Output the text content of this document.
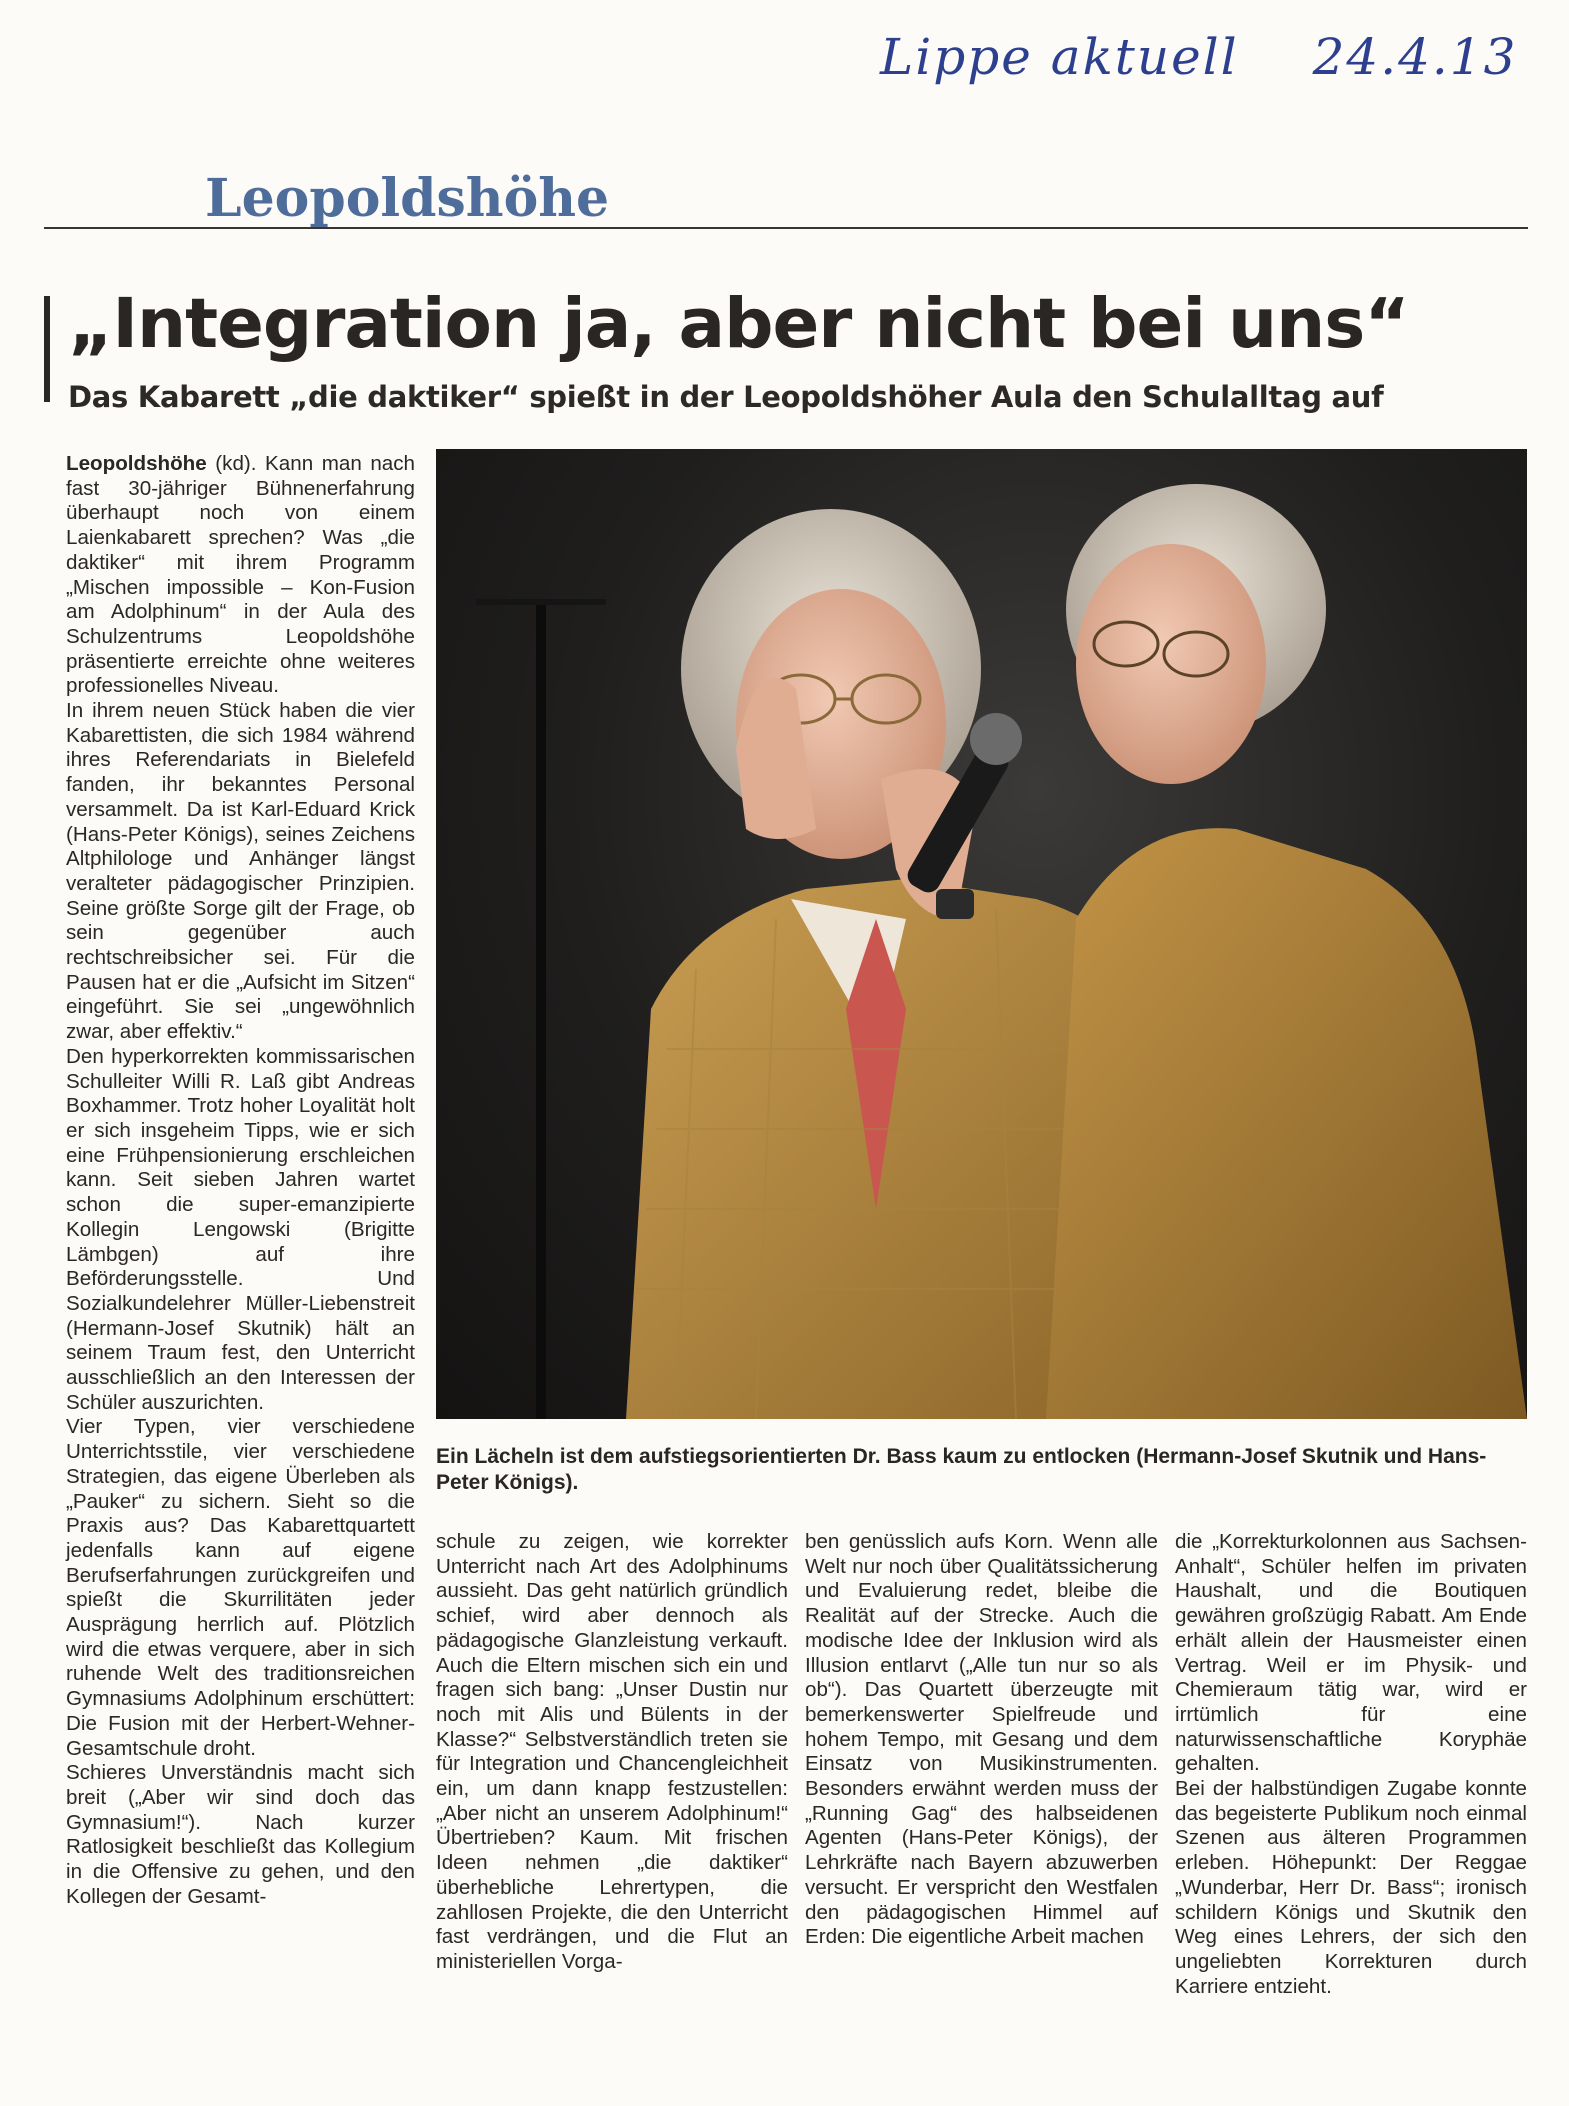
Lippe aktuell 24.4.13
Leopoldshöhe
„Integration ja, aber nicht bei uns“
Das Kabarett „die daktiker“ spießt in der Leopoldshöher Aula den Schulalltag auf

Leopoldshöhe (kd). Kann man nach fast 30-jähriger Bühnenerfahrung überhaupt noch von einem Laienkabarett sprechen? Was „die daktiker“ mit ihrem Programm „Mischen impossible – Kon-Fusion am Adolphinum“ in der Aula des Schulzentrums Leopoldshöhe präsentierte erreichte ohne weiteres professionelles Niveau.

In ihrem neuen Stück haben die vier Kabarettisten, die sich 1984 während ihres Referendariats in Bielefeld fanden, ihr bekanntes Personal versammelt. Da ist Karl-Eduard Krick (Hans-Peter Königs), seines Zeichens Altphilologe und Anhänger längst veralteter pädagogischer Prinzipien. Seine größte Sorge gilt der Frage, ob sein gegenüber auch rechtschreibsicher sei. Für die Pausen hat er die „Aufsicht im Sitzen“ eingeführt. Sie sei „ungewöhnlich zwar, aber effektiv.“

Den hyperkorrekten kommissarischen Schulleiter Willi R. Laß gibt Andreas Boxhammer. Trotz hoher Loyalität holt er sich insgeheim Tipps, wie er sich eine Frühpensionierung erschleichen kann. Seit sieben Jahren wartet schon die super-emanzipierte Kollegin Lengowski (Brigitte Lämbgen) auf ihre Beförderungsstelle. Und Sozialkundelehrer Müller-Liebenstreit (Hermann-Josef Skutnik) hält an seinem Traum fest, den Unterricht ausschließlich an den Interessen der Schüler auszurichten.

Vier Typen, vier verschiedene Unterrichtsstile, vier verschiedene Strategien, das eigene Überleben als „Pauker“ zu sichern. Sieht so die Praxis aus? Das Kabarettquartett jedenfalls kann auf eigene Berufserfahrungen zurückgreifen und spießt die Skurrilitäten jeder Ausprägung herrlich auf. Plötzlich wird die etwas verquere, aber in sich ruhende Welt des traditionsreichen Gymnasiums Adolphinum erschüttert: Die Fusion mit der Herbert-Wehner-Gesamtschule droht.

Schieres Unverständnis macht sich breit („Aber wir sind doch das Gymnasium!“). Nach kurzer Ratlosigkeit beschließt das Kollegium in die Offensive zu gehen, und den Kollegen der Gesamt-

Ein Lächeln ist dem aufstiegsorientierten Dr. Bass kaum zu entlocken (Hermann-Josef Skutnik und Hans-Peter Königs).

schule zu zeigen, wie korrekter Unterricht nach Art des Adolphinums aussieht. Das geht natürlich gründlich schief, wird aber dennoch als pädagogische Glanzleistung verkauft. Auch die Eltern mischen sich ein und fragen sich bang: „Unser Dustin nur noch mit Alis und Bülents in der Klasse?“ Selbstverständlich treten sie für Integration und Chancengleichheit ein, um dann knapp festzustellen: „Aber nicht an unserem Adolphinum!“ Übertrieben? Kaum. Mit frischen Ideen nehmen „die daktiker“ überhebliche Lehrertypen, die zahllosen Projekte, die den Unterricht fast verdrängen, und die Flut an ministeriellen Vorga-

ben genüsslich aufs Korn. Wenn alle Welt nur noch über Qualitätssicherung und Evaluierung redet, bleibe die Realität auf der Strecke. Auch die modische Idee der Inklusion wird als Illusion entlarvt („Alle tun nur so als ob“). Das Quartett überzeugte mit bemerkenswerter Spielfreude und hohem Tempo, mit Gesang und dem Einsatz von Musikinstrumenten. Besonders erwähnt werden muss der „Running Gag“ des halbseidenen Agenten (Hans-Peter Königs), der Lehrkräfte nach Bayern abzuwerben versucht. Er verspricht den Westfalen den pädagogischen Himmel auf Erden: Die eigentliche Arbeit machen

die „Korrekturkolonnen aus Sachsen-Anhalt“, Schüler helfen im privaten Haushalt, und die Boutiquen gewähren großzügig Rabatt. Am Ende erhält allein der Hausmeister einen Vertrag. Weil er im Physik- und Chemieraum tätig war, wird er irrtümlich für eine naturwissenschaftliche Koryphäe gehalten.

Bei der halbstündigen Zugabe konnte das begeisterte Publikum noch einmal Szenen aus älteren Programmen erleben. Höhepunkt: Der Reggae „Wunderbar, Herr Dr. Bass“; ironisch schildern Königs und Skutnik den Weg eines Lehrers, der sich den ungeliebten Korrekturen durch Karriere entzieht.
